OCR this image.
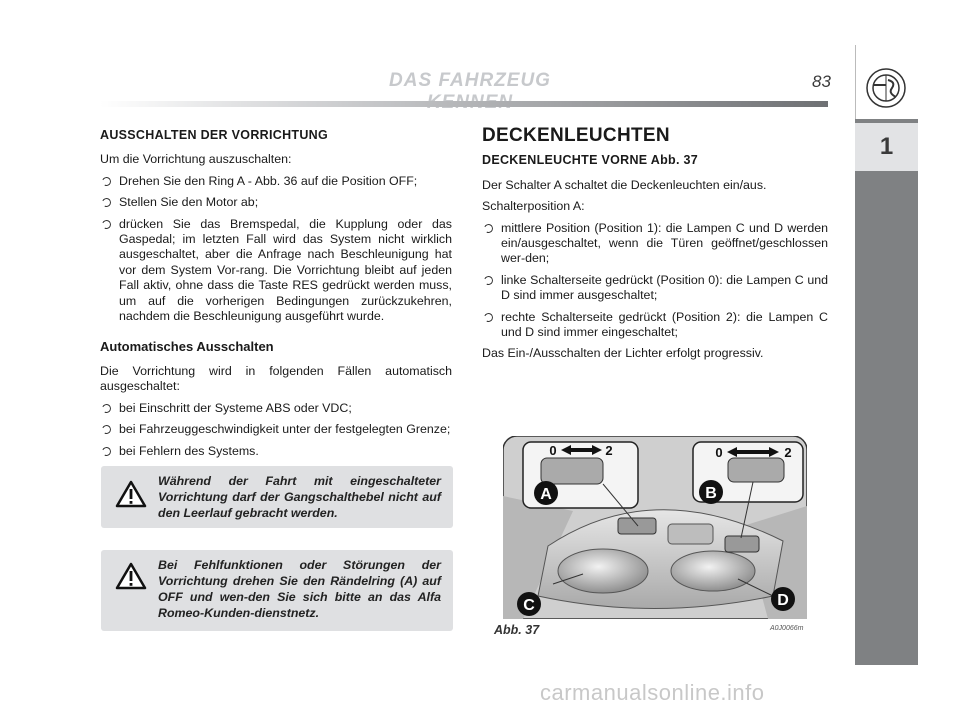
DAS FAHRZEUG	83
1
AUSSCHALTEN DER VORRICHTUNG

Um die Vorrichtung auszuschalten:

Drehen Sie den Ring A - Abb. 36 auf die Position OFF;
Stellen Sie den Motor ab;
drücken Sie das Bremspedal, die Kupplung oder das Gaspedal; im letzten Fall wird das System nicht wirklich ausgeschaltet, aber die Anfrage nach Beschleunigung hat vor dem System Vor-rang. Die Vorrichtung bleibt auf jeden Fall aktiv, ohne dass die Taste RES gedrückt werden muss, um auf die vorherigen Bedingungen zurückzukehren, nachdem die Beschleunigung ausgeführt wurde.
Automatisches Ausschalten

Die Vorrichtung wird in folgenden Fällen automatisch ausgeschaltet:

bei Einschritt der Systeme ABS oder VDC;
bei Fahrzeuggeschwindigkeit unter der festgelegten Grenze;
bei Fehlern des Systems.
Während der Fahrt mit eingeschalteter Vorrichtung darf der Gangschalthebel nicht auf den Leerlauf gebracht werden.
Bei Fehlfunktionen oder Störungen der Vorrichtung drehen Sie den Rändelring (A) auf OFF und wen-den Sie sich bitte an das Alfa Romeo-Kunden-dienstnetz.
DECKENLEUCHTEN
DECKENLEUCHTE VORNE Abb. 37

Der Schalter A schaltet die Deckenleuchten ein/aus.

Schalterposition A:

mittlere Position (Position 1): die Lampen C und D werden ein/ausgeschaltet, wenn die Türen geöffnet/geschlossen wer-den;
linke Schalterseite gedrückt (Position 0): die Lampen C und D sind immer ausgeschaltet;
rechte Schalterseite gedrückt (Position 2): die Lampen C und D sind immer eingeschaltet;

Das Ein-/Ausschalten der Lichter erfolgt progressiv.

A	B
C	D
0	2	0	2
Abb. 37	A0J0066m
carmanualsonline.info
